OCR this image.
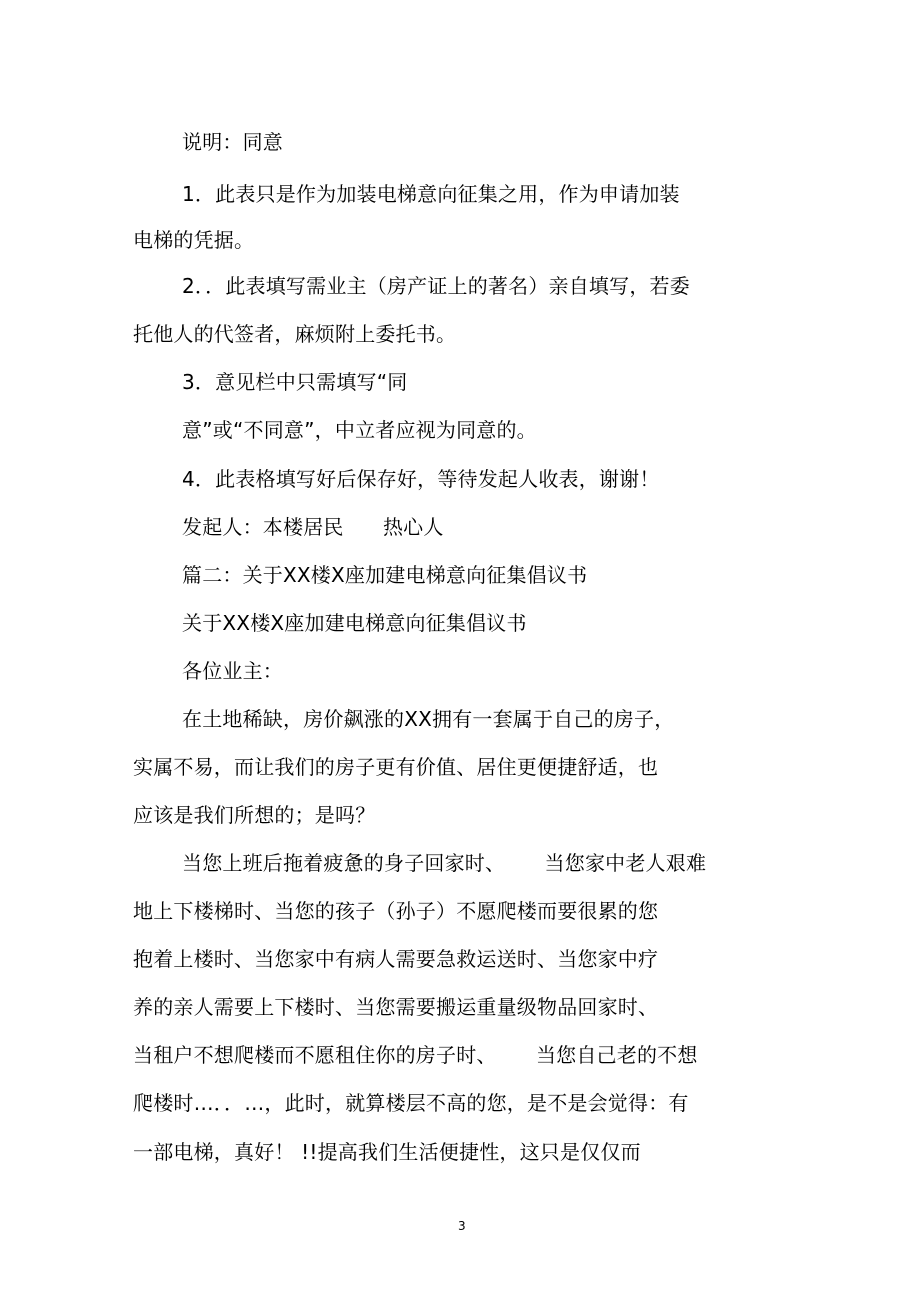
说明：同意

1．此表只是作为加装电梯意向征集之用，作为申请加装

电梯的凭据。

2．．此表填写需业主（房产证上的著名）亲自填写，若委

托他人的代签者，麻烦附上委托书。

3．意见栏中只需填写“同

意”或“不同意”，中立者应视为同意的。

4．此表格填写好后保存好，等待发起人收表，谢谢！

发起人：本楼居民      热心人

篇二：关于XX楼X座加建电梯意向征集倡议书

关于XX楼X座加建电梯意向征集倡议书

各位业主：

在土地稀缺，房价飙涨的XX拥有一套属于自己的房子，

实属不易，而让我们的房子更有价值、居住更便捷舒适，也

应该是我们所想的；是吗？

当您上班后拖着疲惫的身子回家时、      当您家中老人艰难

地上下楼梯时、当您的孩子（孙子）不愿爬楼而要很累的您

抱着上楼时、当您家中有病人需要急救运送时、当您家中疗

养的亲人需要上下楼时、当您需要搬运重量级物品回家时、

当租户不想爬楼而不愿租住你的房子时、      当您自己老的不想

爬楼时…．．…，此时，就算楼层不高的您，是不是会觉得：有

一部电梯，真好！ !!提高我们生活便捷性，这只是仅仅而

3
